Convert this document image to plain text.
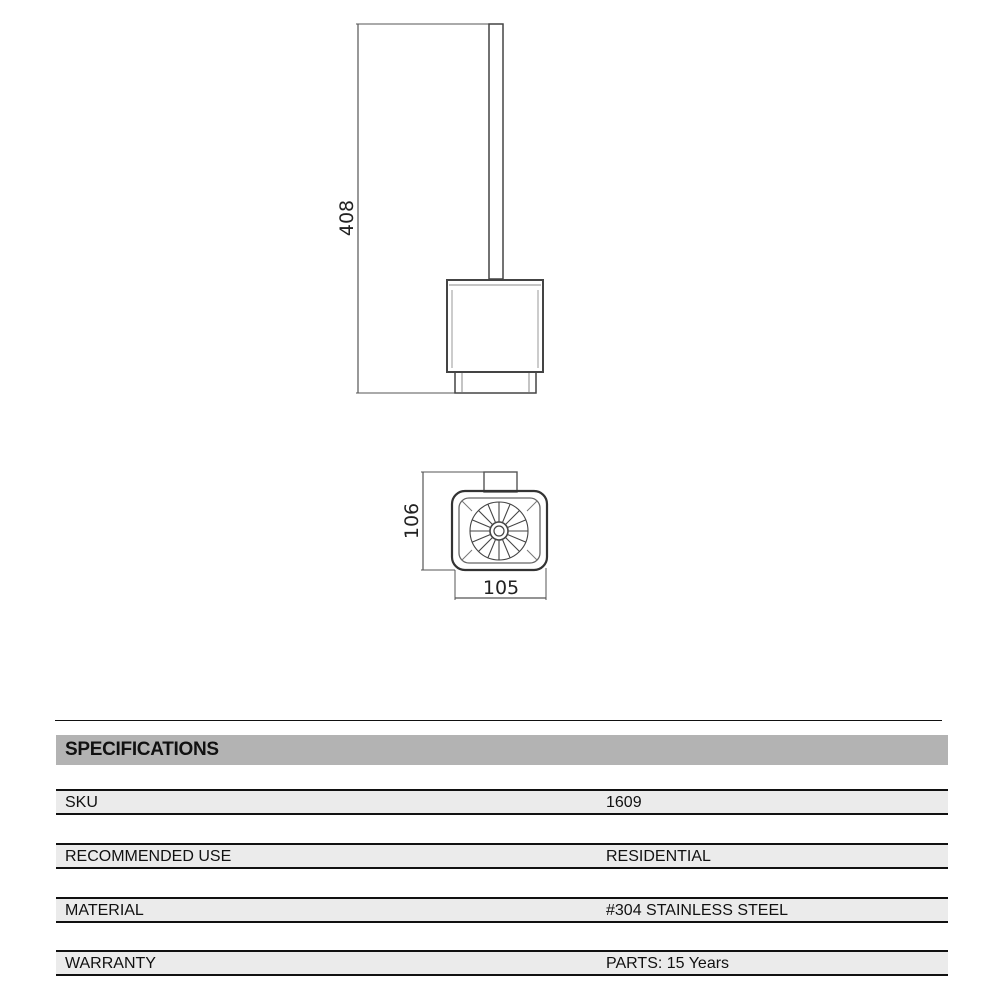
408
106
105
SPECIFICATIONS
SKU	1609
RECOMMENDED USE	RESIDENTIAL
MATERIAL	#304 STAINLESS STEEL
WARRANTY	PARTS: 15 Years
